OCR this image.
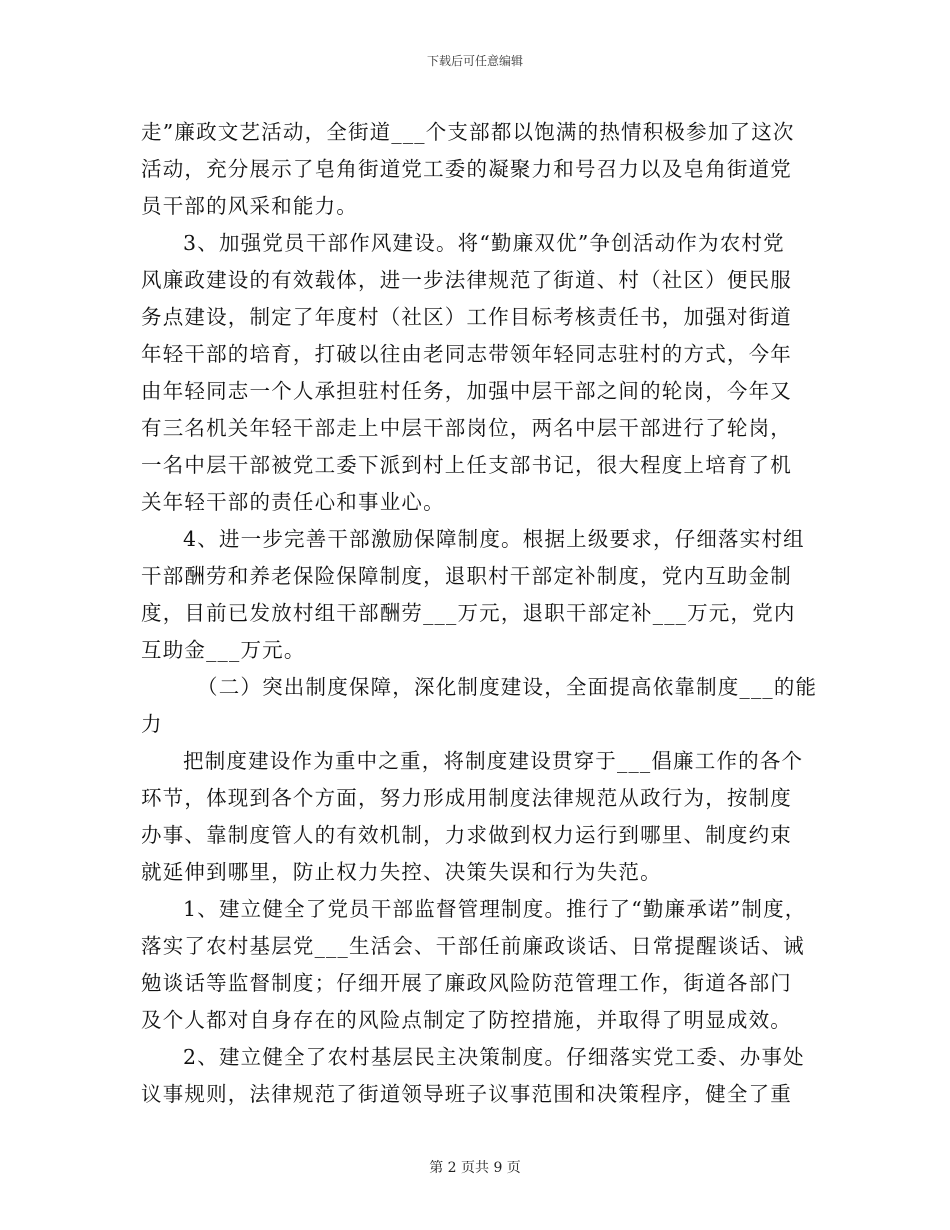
下载后可任意编辑
走”廉政文艺活动，全街道___个支部都以饱满的热情积极参加了这次
活动，充分展示了皂角街道党工委的凝聚力和号召力以及皂角街道党
员干部的风采和能力。
3、加强党员干部作风建设。将“勤廉双优”争创活动作为农村党
风廉政建设的有效载体，进一步法律规范了街道、村（社区）便民服
务点建设，制定了年度村（社区）工作目标考核责任书，加强对街道
年轻干部的培育，打破以往由老同志带领年轻同志驻村的方式，今年
由年轻同志一个人承担驻村任务，加强中层干部之间的轮岗，今年又
有三名机关年轻干部走上中层干部岗位，两名中层干部进行了轮岗，
一名中层干部被党工委下派到村上任支部书记，很大程度上培育了机
关年轻干部的责任心和事业心。
4、进一步完善干部激励保障制度。根据上级要求，仔细落实村组
干部酬劳和养老保险保障制度，退职村干部定补制度，党内互助金制
度，目前已发放村组干部酬劳___万元，退职干部定补___万元，党内
互助金___万元。
（二）突出制度保障，深化制度建设，全面提高依靠制度___的能
力
把制度建设作为重中之重，将制度建设贯穿于___倡廉工作的各个
环节，体现到各个方面，努力形成用制度法律规范从政行为，按制度
办事、靠制度管人的有效机制，力求做到权力运行到哪里、制度约束
就延伸到哪里，防止权力失控、决策失误和行为失范。
1、建立健全了党员干部监督管理制度。推行了“勤廉承诺”制度，
落实了农村基层党___生活会、干部任前廉政谈话、日常提醒谈话、诫
勉谈话等监督制度；仔细开展了廉政风险防范管理工作，街道各部门
及个人都对自身存在的风险点制定了防控措施，并取得了明显成效。
2、建立健全了农村基层民主决策制度。仔细落实党工委、办事处
议事规则，法律规范了街道领导班子议事范围和决策程序，健全了重
第 2 页共 9 页
